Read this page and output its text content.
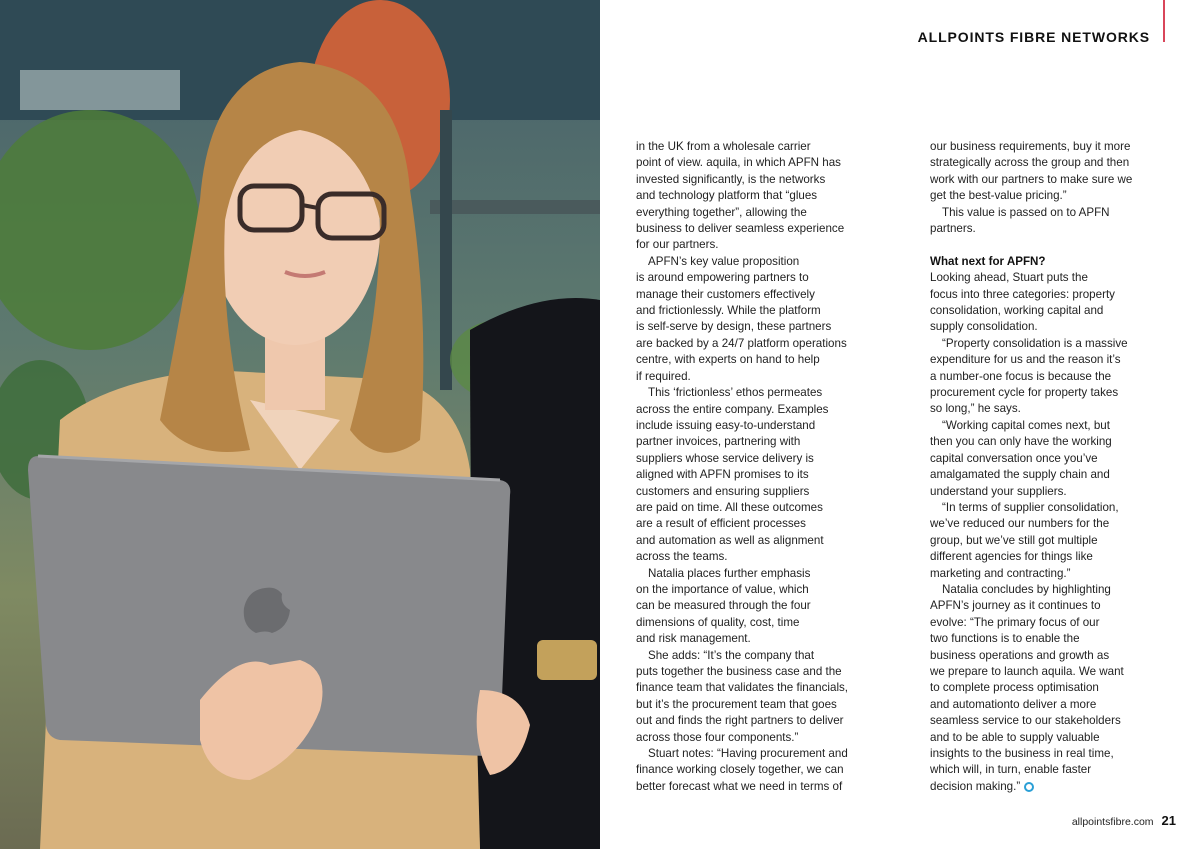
ALLPOINTS FIBRE NETWORKS

in the UK from a wholesale carrier
point of view. aquila, in which APFN has
invested significantly, is the networks
and technology platform that “glues
everything together”, allowing the
business to deliver seamless experience
for our partners.

APFN’s key value proposition
is around empowering partners to
manage their customers effectively
and frictionlessly. While the platform
is self-serve by design, these partners
are backed by a 24/7 platform operations
centre, with experts on hand to help
if required.

This ‘frictionless’ ethos permeates
across the entire company. Examples
include issuing easy-to-understand
partner invoices, partnering with
suppliers whose service delivery is
aligned with APFN promises to its
customers and ensuring suppliers
are paid on time. All these outcomes
are a result of efficient processes
and automation as well as alignment
across the teams.

Natalia places further emphasis
on the importance of value, which
can be measured through the four
dimensions of quality, cost, time
and risk management.

She adds: “It’s the company that
puts together the business case and the
finance team that validates the financials,
but it’s the procurement team that goes
out and finds the right partners to deliver
across those four components.”

Stuart notes: “Having procurement and
finance working closely together, we can
better forecast what we need in terms of

our business requirements, buy it more
strategically across the group and then
work with our partners to make sure we
get the best-value pricing.”

This value is passed on to APFN
partners.

What next for APFN?

Looking ahead, Stuart puts the
focus into three categories: property
consolidation, working capital and
supply consolidation.

“Property consolidation is a massive
expenditure for us and the reason it’s
a number-one focus is because the
procurement cycle for property takes
so long,” he says.

“Working capital comes next, but
then you can only have the working
capital conversation once you’ve
amalgamated the supply chain and
understand your suppliers.

“In terms of supplier consolidation,
we’ve reduced our numbers for the
group, but we’ve still got multiple
different agencies for things like
marketing and contracting.”

Natalia concludes by highlighting
APFN’s journey as it continues to
evolve: “The primary focus of our
two functions is to enable the
business operations and growth as
we prepare to launch aquila. We want
to complete process optimisation
and automationto deliver a more
seamless service to our stakeholders
and to be able to supply valuable
insights to the business in real time,
which will, in turn, enable faster
decision making.”

allpointsfibre.com 21
